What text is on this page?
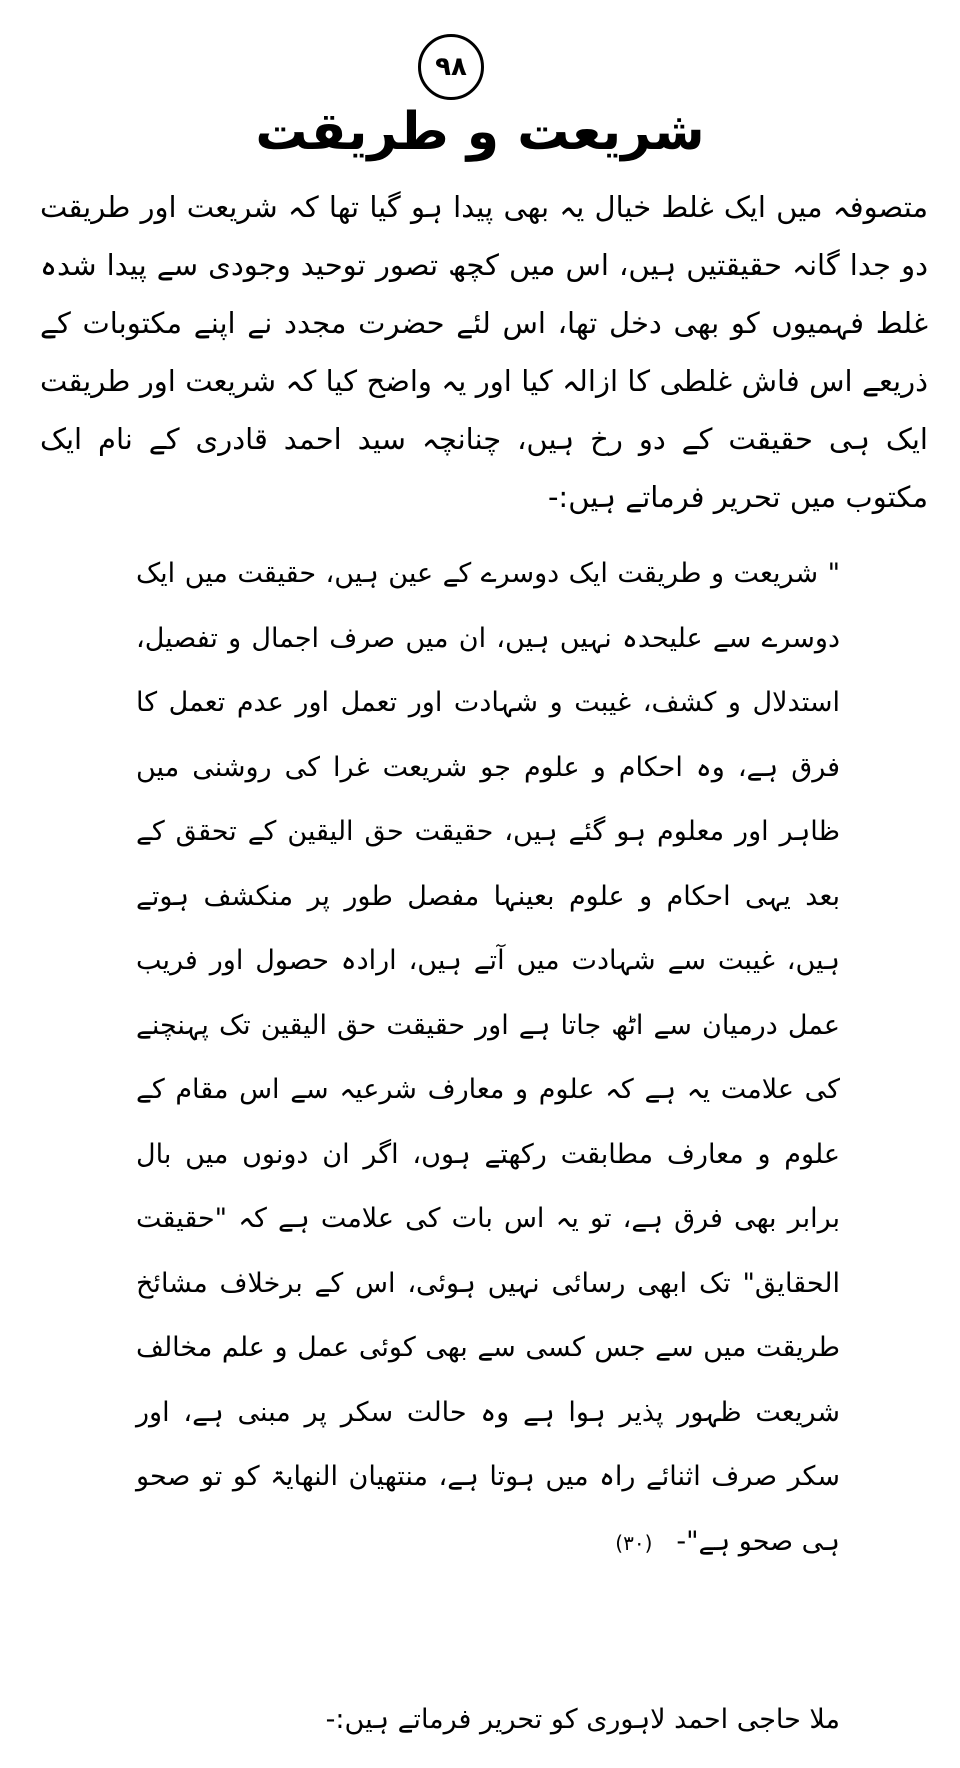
۹۸
شریعت و طریقت

متصوفہ میں ایک غلط خیال یہ بھی پیدا ہو گیا تھا کہ شریعت اور طریقت دو جدا گانہ حقیقتیں ہیں، اس میں کچھ تصور توحید وجودی سے پیدا شدہ غلط فہمیوں کو بھی دخل تھا، اس لئے حضرت مجدد نے اپنے مکتوبات کے ذریعے اس فاش غلطی کا ازالہ کیا اور یہ واضح کیا کہ شریعت اور طریقت ایک ہی حقیقت کے دو رخ ہیں، چنانچہ سید احمد قادری کے نام ایک مکتوب میں تحریر فرماتے ہیں:-

" شریعت و طریقت ایک دوسرے کے عین ہیں، حقیقت میں ایک دوسرے سے علیحدہ نہیں ہیں، ان میں صرف اجمال و تفصیل، استدلال و کشف، غیبت و شہادت اور تعمل اور عدم تعمل کا فرق ہے، وہ احکام و علوم جو شریعت غرا کی روشنی میں ظاہر اور معلوم ہو گئے ہیں، حقیقت حق الیقین کے تحقق کے بعد یہی احکام و علوم بعینہا مفصل طور پر منکشف ہوتے ہیں، غیبت سے شہادت میں آتے ہیں، ارادہ حصول اور فریب عمل درمیان سے اٹھ جاتا ہے اور حقیقت حق الیقین تک پہنچنے کی علامت یہ ہے کہ علوم و معارف شرعیہ سے اس مقام کے علوم و معارف مطابقت رکھتے ہوں، اگر ان دونوں میں بال برابر بھی فرق ہے، تو یہ اس بات کی علامت ہے کہ "حقیقت الحقایق" تک ابھی رسائی نہیں ہوئی، اس کے برخلاف مشائخ طریقت میں سے جس کسی سے بھی کوئی عمل و علم مخالف شریعت ظہور پذیر ہوا ہے وہ حالت سکر پر مبنی ہے، اور سکر صرف اثنائے راہ میں ہوتا ہے، منتھیان النھایۃ کو تو صحو ہی صحو ہے"-(۳۰)

ملا حاجی احمد لاہوری کو تحریر فرماتے ہیں:-
